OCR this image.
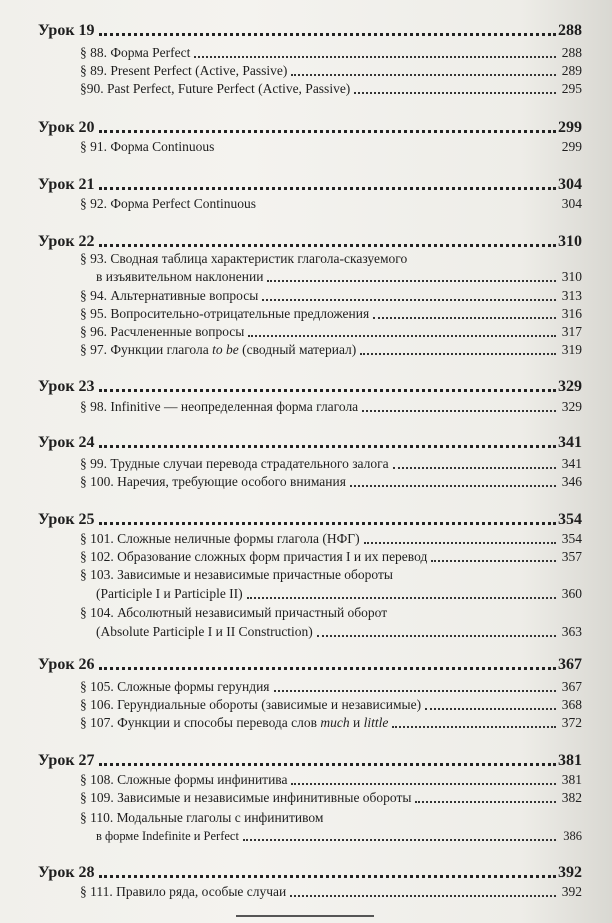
Урок 19	288
§ 88. Форма Perfect	288
§ 89. Present Perfect (Active, Passive)	289
§90. Past Perfect, Future Perfect (Active, Passive)	295
Урок 20	299
§ 91. Форма Continuous	299
Урок 21	304
§ 92. Форма Perfect Continuous	304
Урок 22	310
§ 93. Сводная таблица характеристик глагола-сказуемого
в изъявительном наклонении	310
§ 94. Альтернативные вопросы	313
§ 95. Вопросительно-отрицательные предложения	316
§ 96. Расчлененные вопросы	317
§ 97. Функции глагола to be (сводный материал)	319
Урок 23	329
§ 98. Infinitive — неопределенная форма глагола	329
Урок 24	341
§ 99. Трудные случаи перевода страдательного залога	341
§ 100. Наречия, требующие особого внимания	346
Урок 25	354
§ 101. Сложные неличные формы глагола (НФГ)	354
§ 102. Образование сложных форм причастия I и их перевод	357
§ 103. Зависимые и независимые причастные обороты
(Participle I и Participle II)	360
§ 104. Абсолютный независимый причастный оборот
(Absolute Participle I и II Construction)	363
Урок 26	367
§ 105. Сложные формы герундия	367
§ 106. Герундиальные обороты (зависимые и независимые)	368
§ 107. Функции и способы перевода слов much и little	372
Урок 27	381
§ 108. Сложные формы инфинитива	381
§ 109. Зависимые и независимые инфинитивные обороты	382
§ 110. Модальные глаголы с инфинитивом
в форме Indefinite и Perfect	386
Урок 28	392
§ 111. Правило ряда, особые случаи	392
